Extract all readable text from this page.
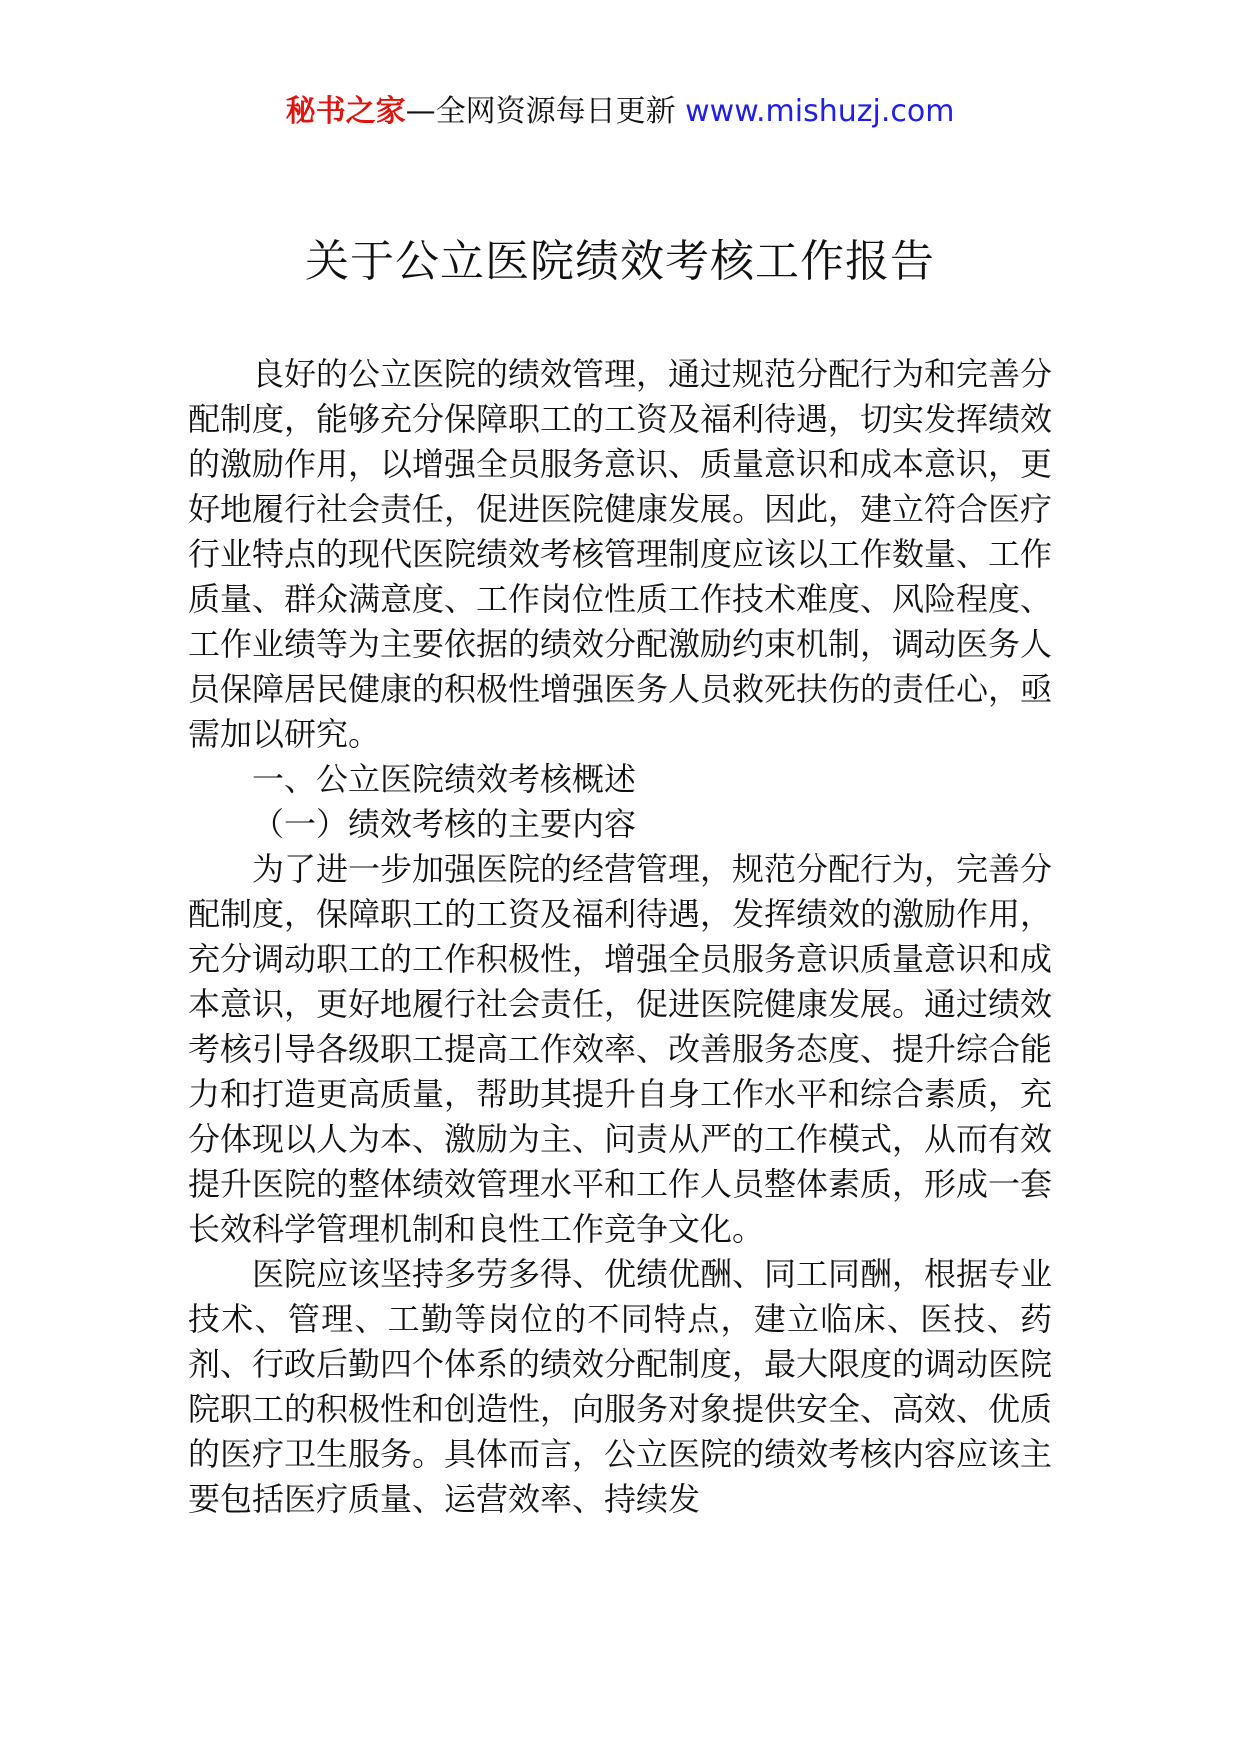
秘书之家—全网资源每日更新 www.mishuzj.com
关于公立医院绩效考核工作报告

良好的公立医院的绩效管理，通过规范分配行为和完善分配制度，能够充分保障职工的工资及福利待遇，切实发挥绩效的激励作用，以增强全员服务意识、质量意识和成本意识，更好地履行社会责任，促进医院健康发展。因此，建立符合医疗行业特点的现代医院绩效考核管理制度应该以工作数量、工作质量、群众满意度、工作岗位性质工作技术难度、风险程度、工作业绩等为主要依据的绩效分配激励约束机制，调动医务人员保障居民健康的积极性增强医务人员救死扶伤的责任心，亟需加以研究。

一、公立医院绩效考核概述

（一）绩效考核的主要内容

为了进一步加强医院的经营管理，规范分配行为，完善分配制度，保障职工的工资及福利待遇，发挥绩效的激励作用，充分调动职工的工作积极性，增强全员服务意识质量意识和成本意识，更好地履行社会责任，促进医院健康发展。通过绩效考核引导各级职工提高工作效率、改善服务态度、提升综合能力和打造更高质量，帮助其提升自身工作水平和综合素质，充分体现以人为本、激励为主、问责从严的工作模式，从而有效提升医院的整体绩效管理水平和工作人员整体素质，形成一套长效科学管理机制和良性工作竞争文化。

医院应该坚持多劳多得、优绩优酬、同工同酬，根据专业技术、管理、工勤等岗位的不同特点，建立临床、医技、药剂、行政后勤四个体系的绩效分配制度，最大限度的调动医院院职工的积极性和创造性，向服务对象提供安全、高效、优质的医疗卫生服务。具体而言，公立医院的绩效考核内容应该主要包括医疗质量、运营效率、持续发
